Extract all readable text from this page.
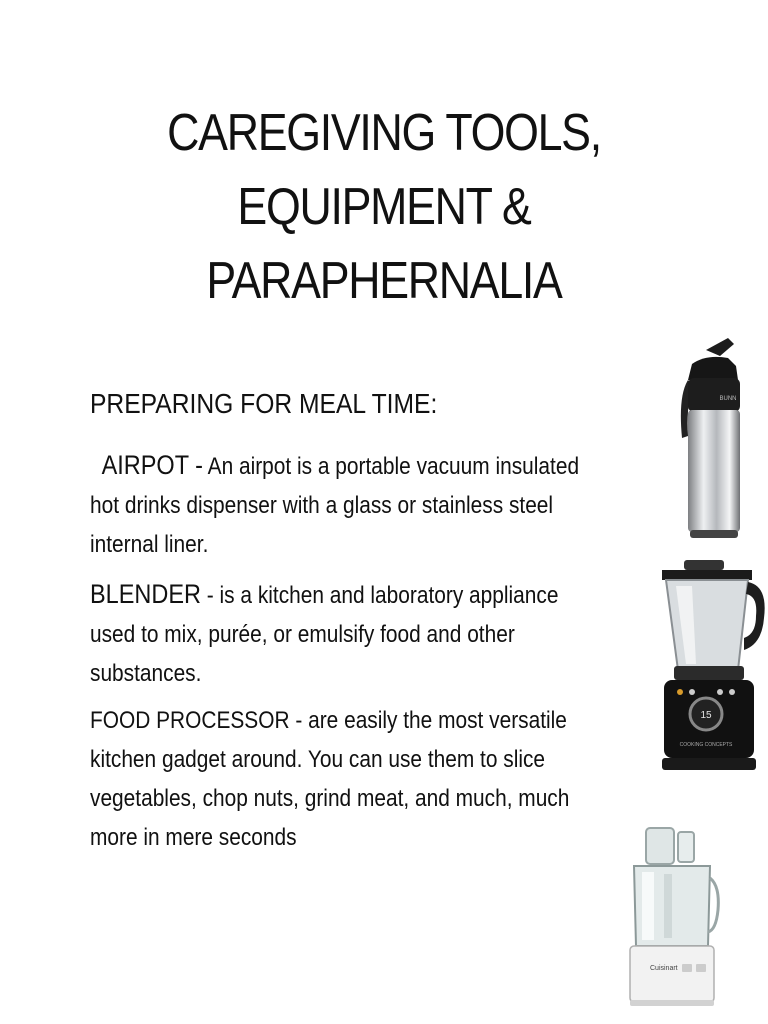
CAREGIVING TOOLS,
EQUIPMENT &
PARAPHERNALIA
PREPARING FOR MEAL TIME:
AIRPOT - An airpot is a portable vacuum insulated
hot drinks dispenser with a glass or stainless steel
internal liner.
BLENDER - is a kitchen and laboratory appliance
used to mix, purée, or emulsify food and other
substances.
FOOD PROCESSOR - are easily the most versatile
kitchen gadget around. You can use them to slice
vegetables, chop nuts, grind meat, and much, much
more in mere seconds
BUNN
15
COOKING CONCEPTS
Cuisinart
